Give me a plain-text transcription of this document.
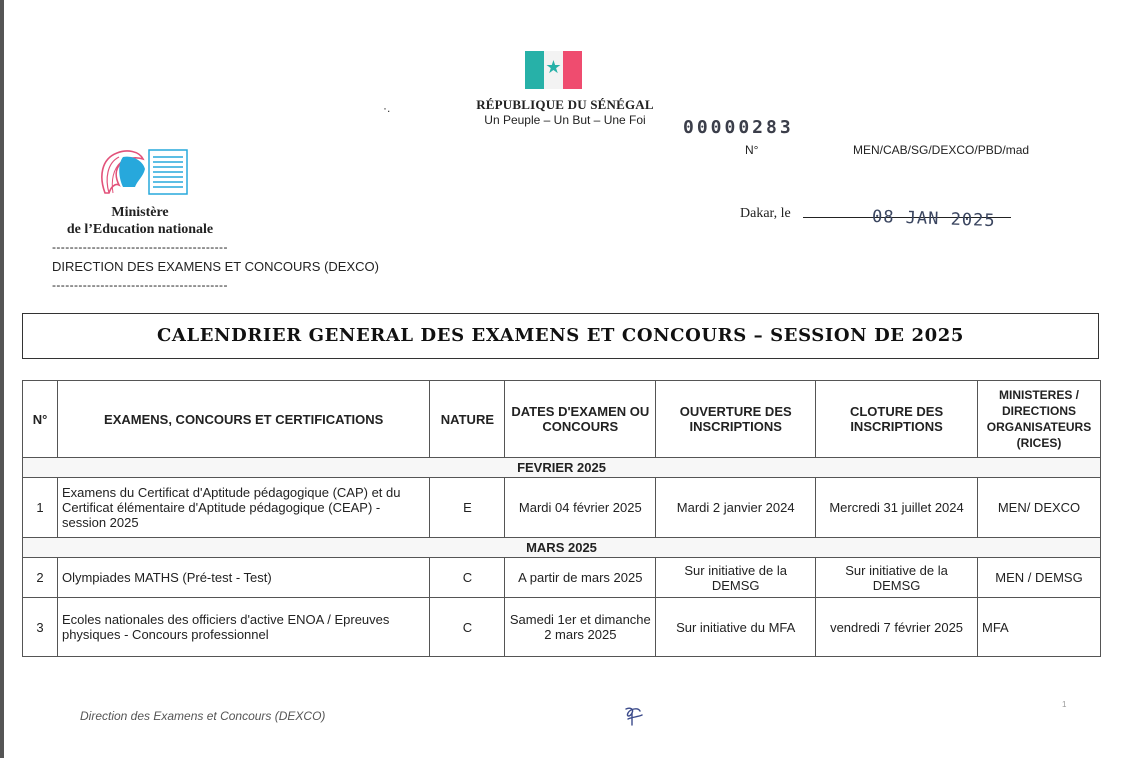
★
RÉPUBLIQUE DU SÉNÉGAL
Un Peuple – Un But – Une Foi
·.
00000283
N°	MEN/CAB/SG/DEXCO/PBD/mad
Ministère
de l’Education nationale
----------------------------------------
DIRECTION DES EXAMENS ET CONCOURS (DEXCO)
----------------------------------------
Dakar, le	08 JAN 2025
CALENDRIER GENERAL DES EXAMENS ET CONCOURS – SESSION DE 2025
N°	EXAMENS, CONCOURS ET CERTIFICATIONS	NATURE	DATES D'EXAMEN OU CONCOURS	OUVERTURE DES INSCRIPTIONS	CLOTURE DES INSCRIPTIONS	MINISTERES / DIRECTIONS ORGANISATEURS (RICES)
FEVRIER 2025						
1	Examens du Certificat d'Aptitude pédagogique (CAP) et du Certificat élémentaire d'Aptitude pédagogique (CEAP) - session 2025	E	Mardi 04 février 2025	Mardi 2 janvier 2024	Mercredi 31 juillet 2024	MEN/ DEXCO
MARS 2025						
2	Olympiades MATHS (Pré-test - Test)	C	A partir de mars 2025	Sur initiative de la DEMSG	Sur initiative de la DEMSG	MEN / DEMSG
3	Ecoles nationales des officiers d'active ENOA / Epreuves physiques - Concours professionnel	C	Samedi 1er et dimanche 2 mars 2025	Sur initiative du MFA	vendredi 7 février 2025	MFA
Direction des Examens et Concours (DEXCO)
1
